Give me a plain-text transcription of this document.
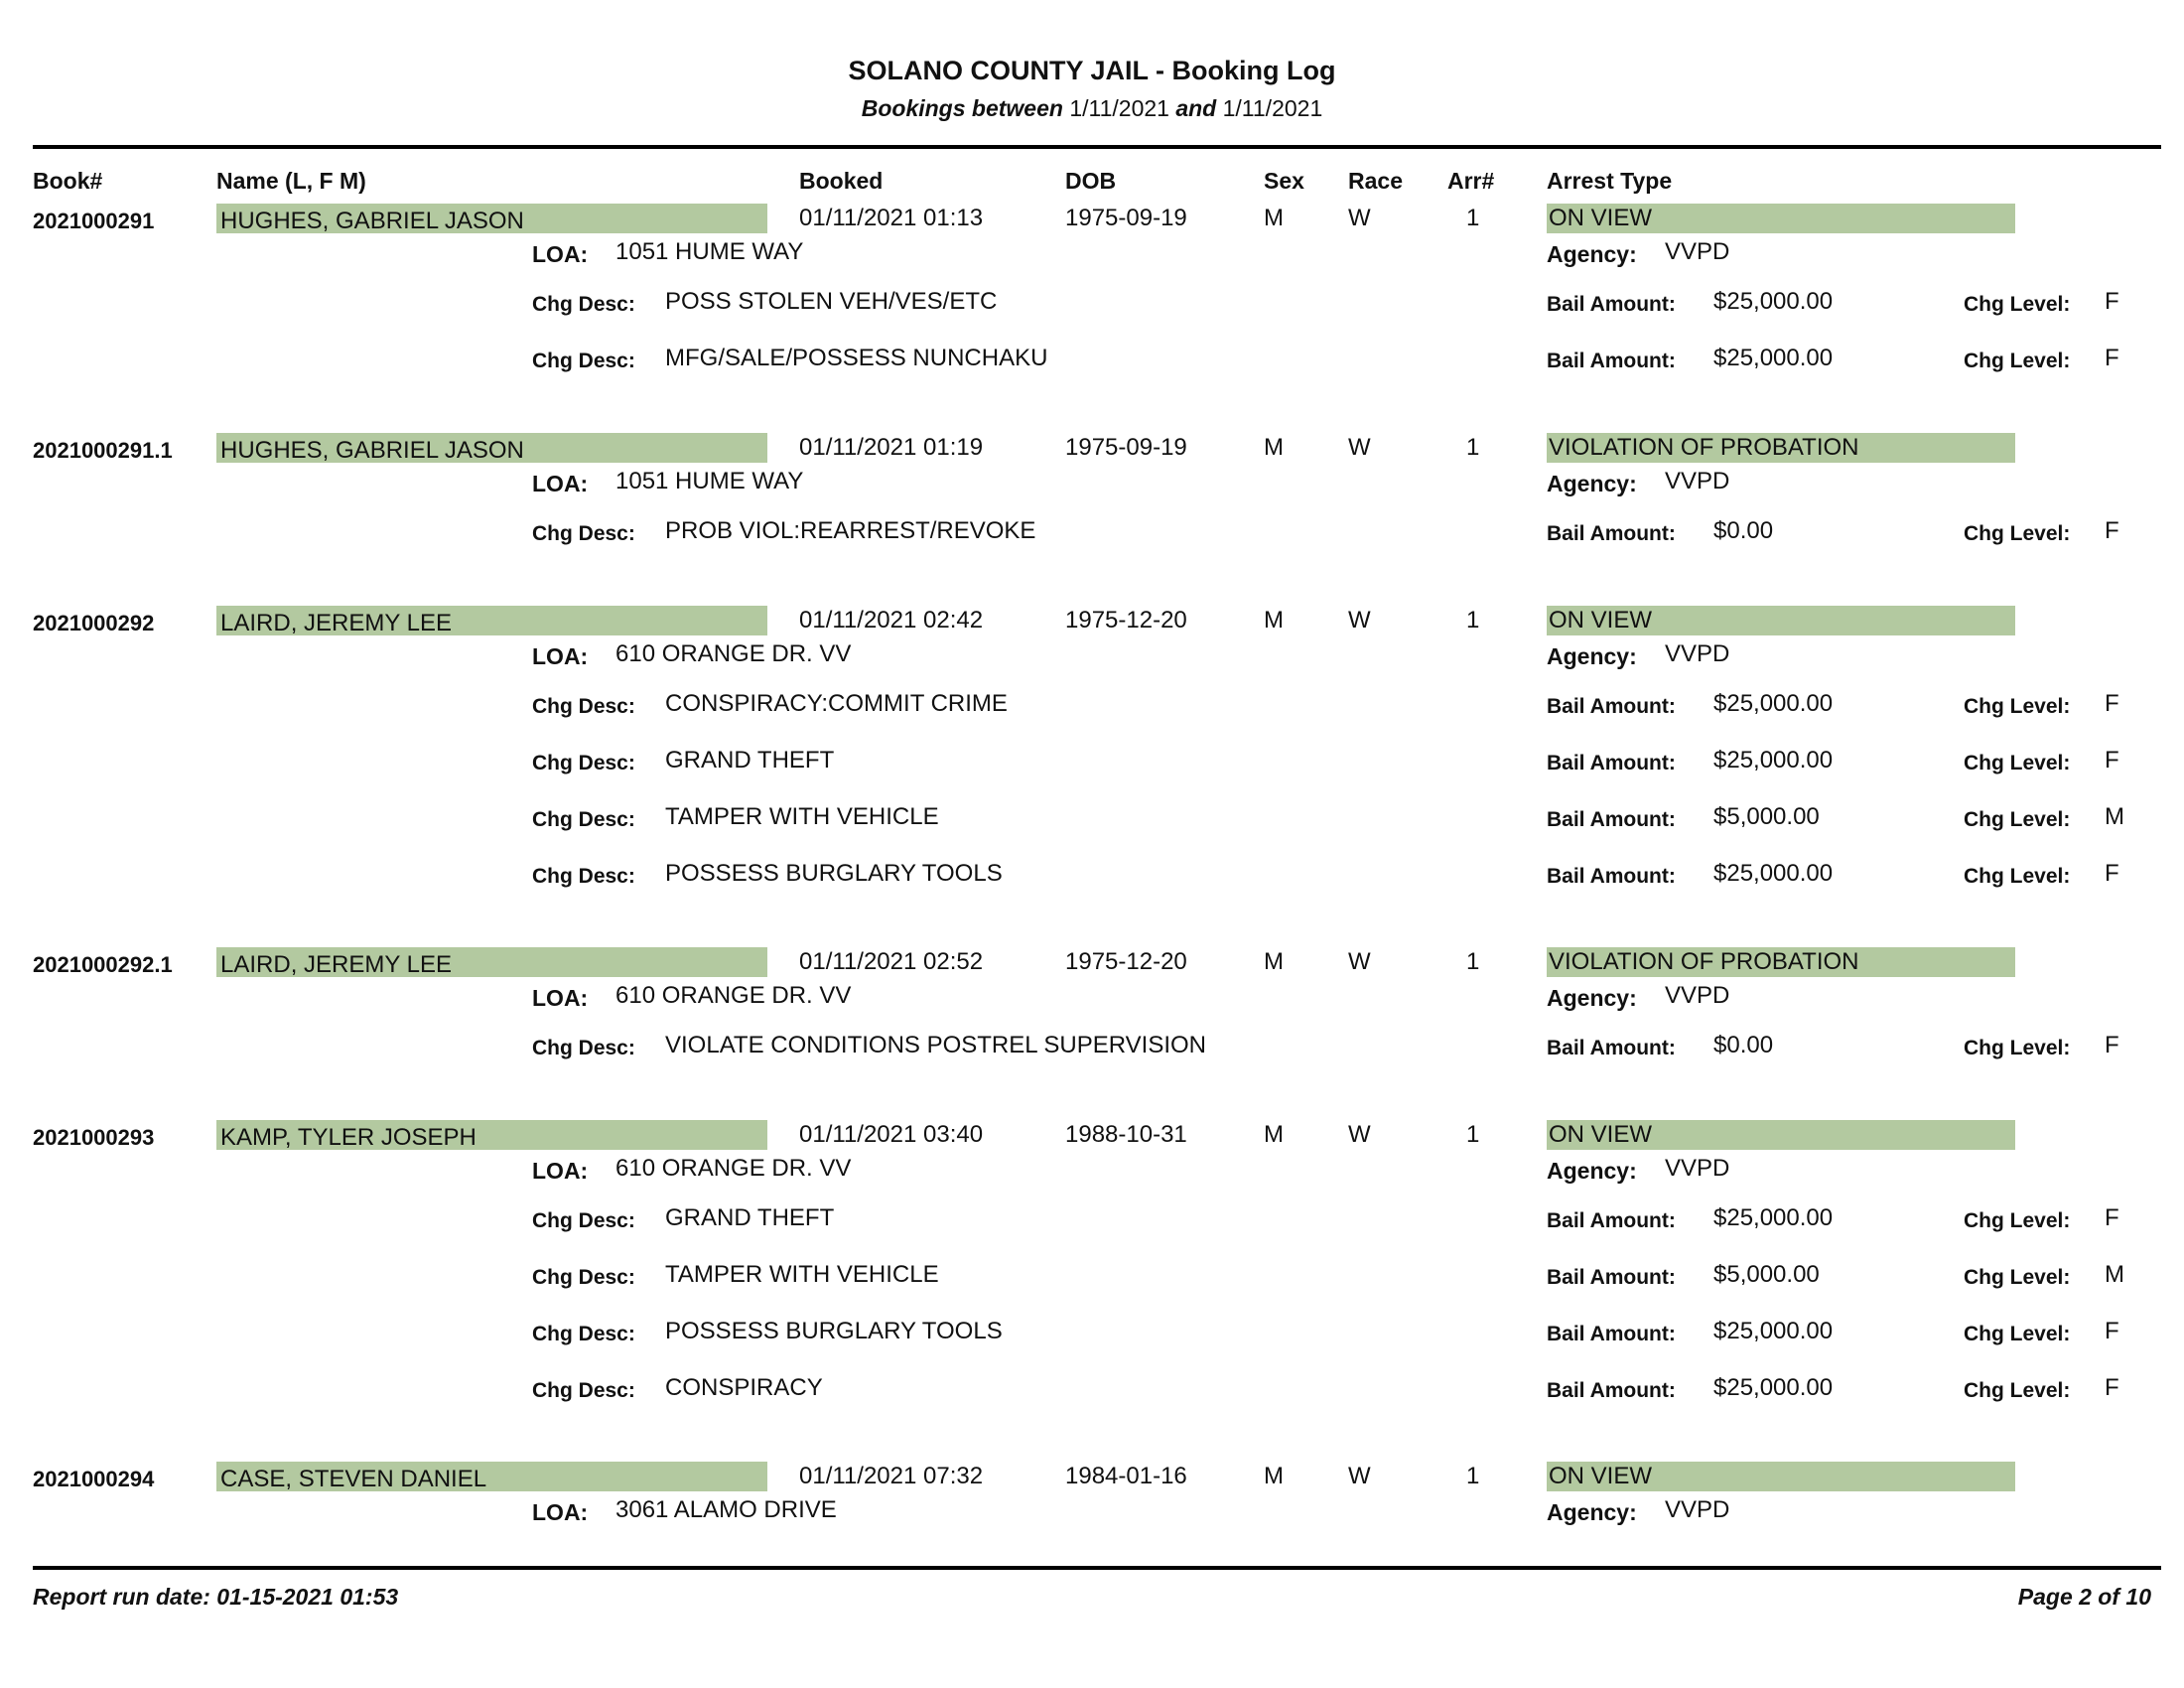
SOLANO COUNTY JAIL - Booking Log
Bookings between 1/11/2021 and 1/11/2021
Book#	Name (L, F M)	Booked	DOB	Sex Race Arr# Arrest Type
2021000291	HUGHES, GABRIEL JASON	01/11/2021 01:13	1975-09-19	M	W	1	ON VIEW
LOA: 1051 HUME WAY	Agency: VVPD
Chg Desc: POSS STOLEN VEH/VES/ETC	Bail Amount: $25,000.00	Chg Level: F
Chg Desc: MFG/SALE/POSSESS NUNCHAKU	Bail Amount: $25,000.00	Chg Level: F
2021000291.1 HUGHES, GABRIEL JASON	01/11/2021 01:19	1975-09-19	M	W	1	VIOLATION OF PROBATION
LOA: 1051 HUME WAY	Agency: VVPD
Chg Desc: PROB VIOL:REARREST/REVOKE	Bail Amount: $0.00	Chg Level: F
2021000292	LAIRD, JEREMY LEE	01/11/2021 02:42	1975-12-20	M	W	1	ON VIEW
LOA: 610 ORANGE DR. VV	Agency: VVPD
Chg Desc: CONSPIRACY:COMMIT CRIME	Bail Amount: $25,000.00	Chg Level: F
Chg Desc: GRAND THEFT	Bail Amount: $25,000.00	Chg Level: F
Chg Desc: TAMPER WITH VEHICLE	Bail Amount: $5,000.00	Chg Level: M
Chg Desc: POSSESS BURGLARY TOOLS	Bail Amount: $25,000.00	Chg Level: F
2021000292.1 LAIRD, JEREMY LEE	01/11/2021 02:52	1975-12-20	M	W	1	VIOLATION OF PROBATION
LOA: 610 ORANGE DR. VV	Agency: VVPD
Chg Desc: VIOLATE CONDITIONS POSTREL SUPERVISION	Bail Amount: $0.00	Chg Level: F
2021000293	KAMP, TYLER JOSEPH	01/11/2021 03:40	1988-10-31	M	W	1	ON VIEW
LOA: 610 ORANGE DR. VV	Agency: VVPD
Chg Desc: GRAND THEFT	Bail Amount: $25,000.00	Chg Level: F
Chg Desc: TAMPER WITH VEHICLE	Bail Amount: $5,000.00	Chg Level: M
Chg Desc: POSSESS BURGLARY TOOLS	Bail Amount: $25,000.00	Chg Level: F
Chg Desc: CONSPIRACY	Bail Amount: $25,000.00	Chg Level: F
2021000294	CASE, STEVEN DANIEL	01/11/2021 07:32	1984-01-16	M	W	1	ON VIEW
LOA: 3061 ALAMO DRIVE	Agency: VVPD
Report run date: 01-15-2021 01:53	Page 2 of 10
